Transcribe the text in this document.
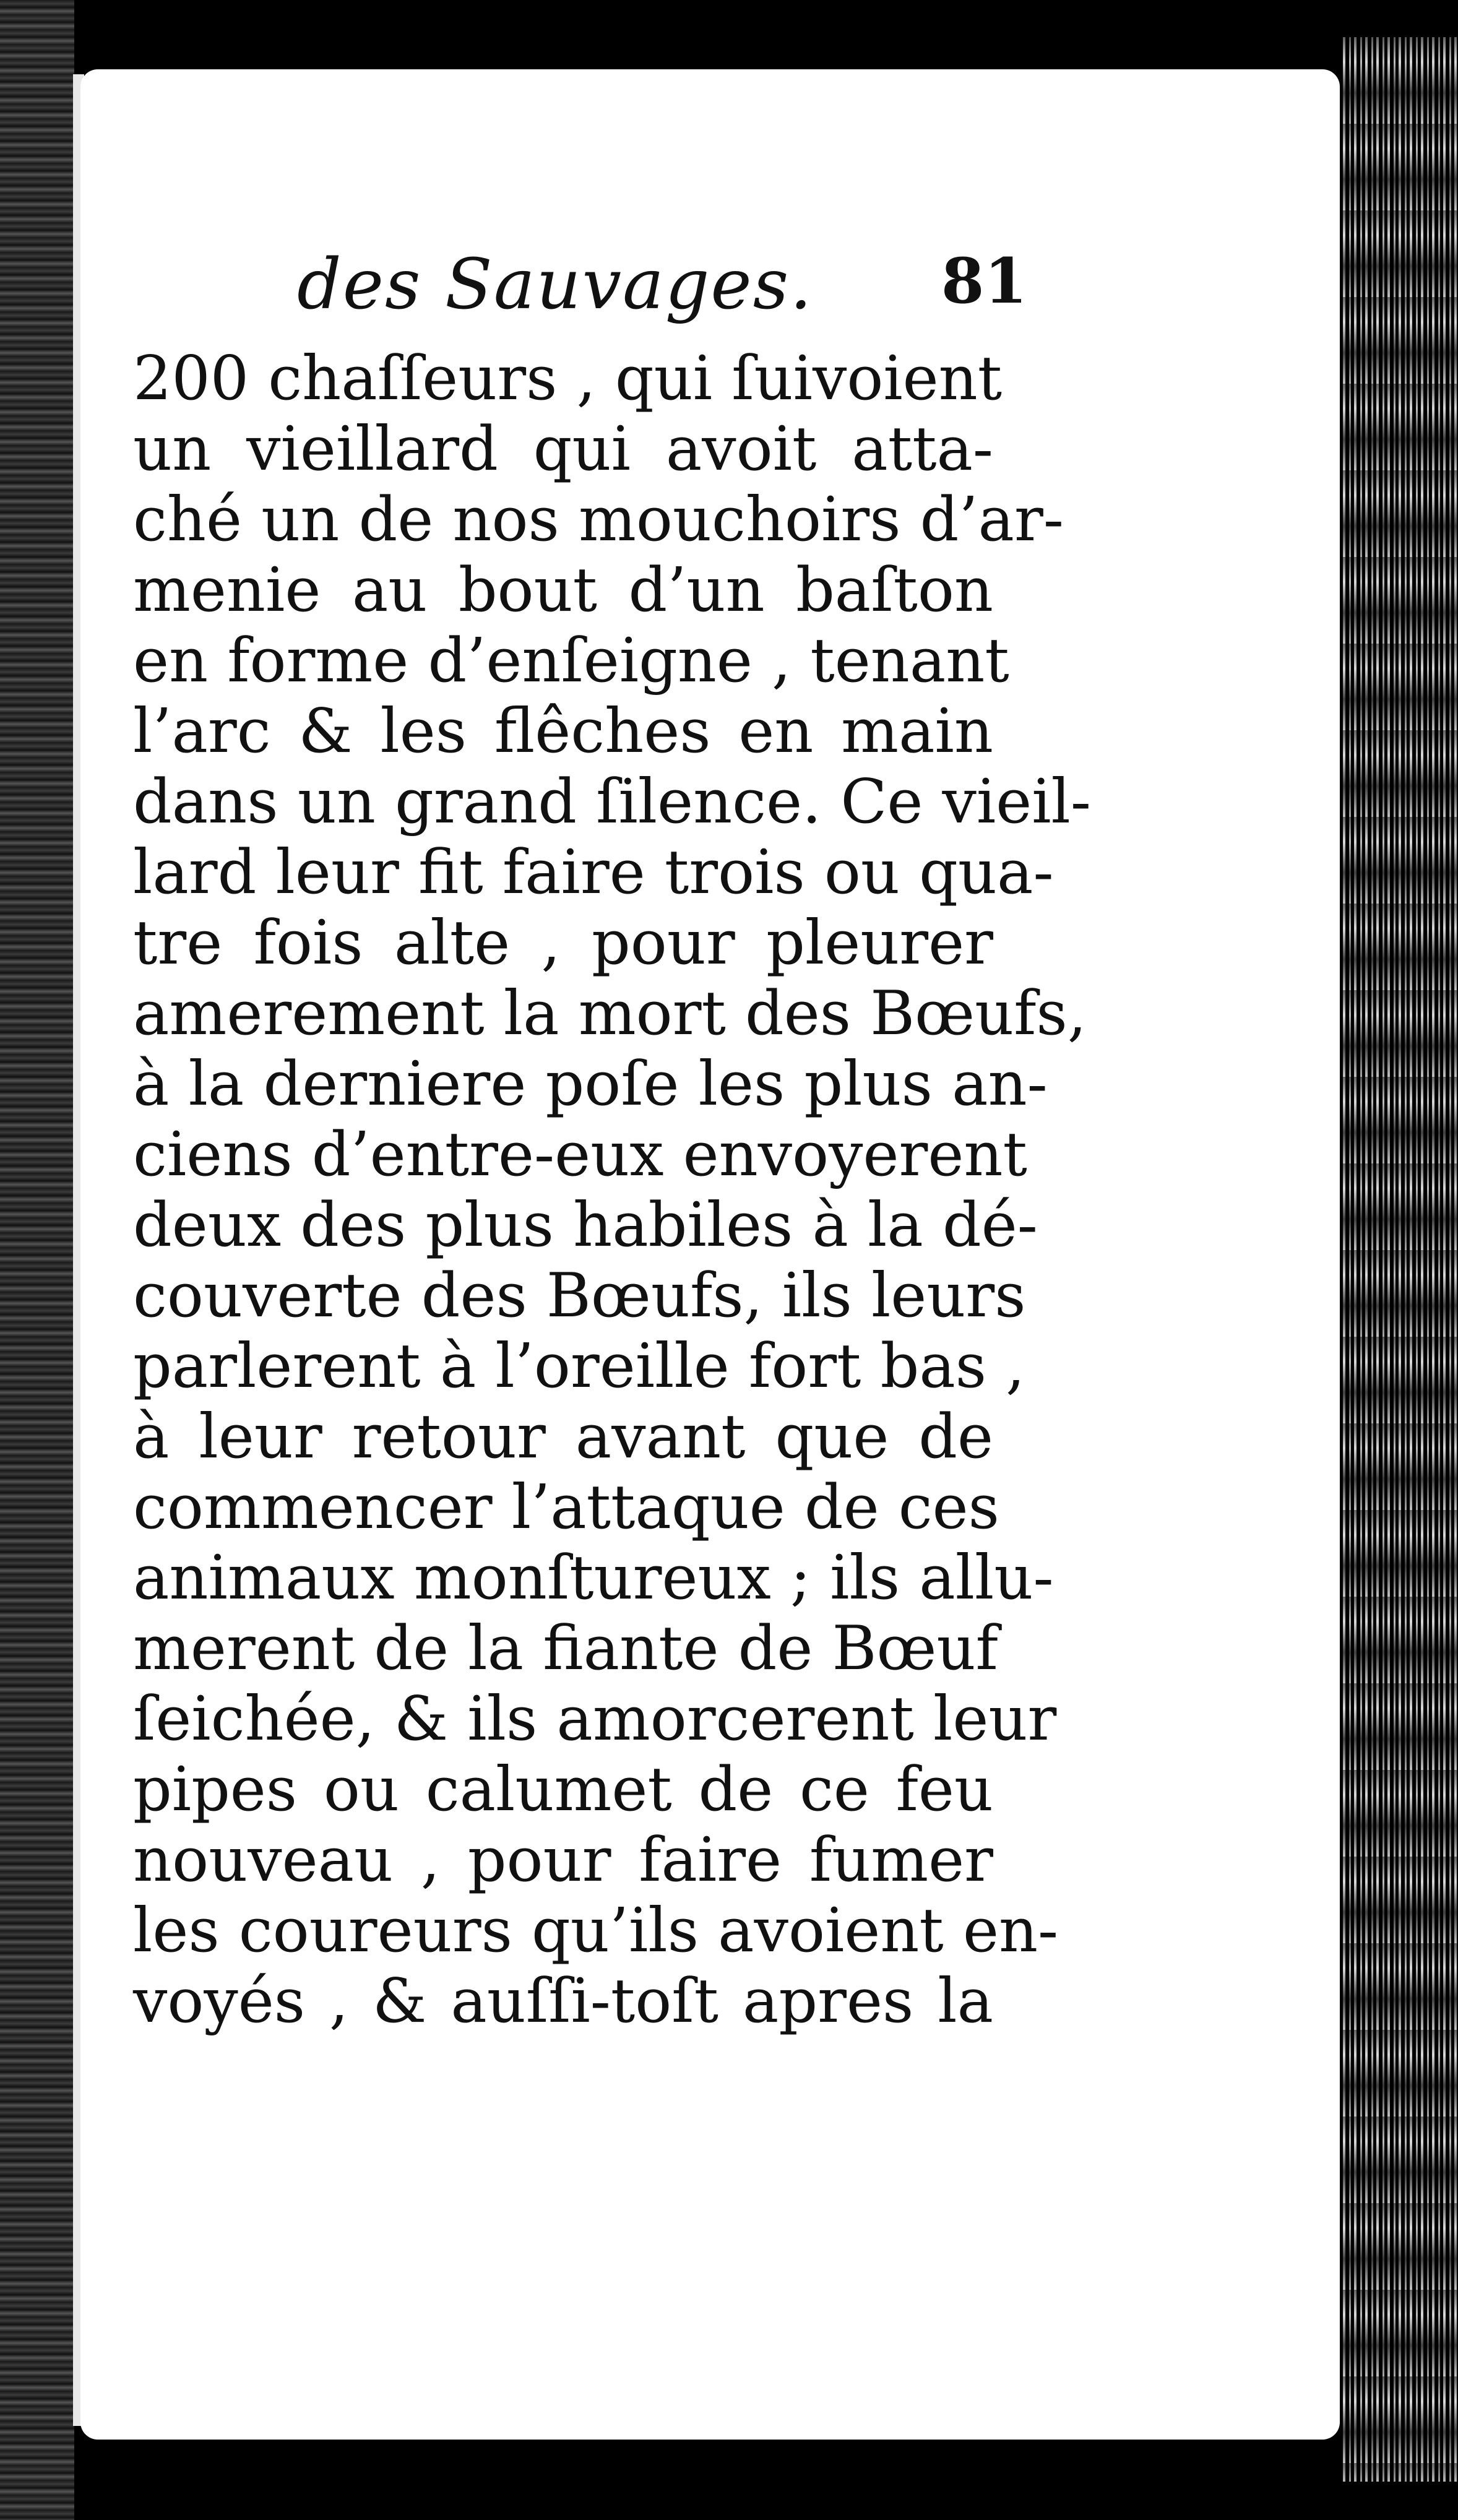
des Sauvages. 81
200 chaſſeurs , qui ſuivoient
un vieillard qui avoit atta-
ché un de nos mouchoirs d’ar-
menie au bout d’un baſton
en forme d’enſeigne , tenant
l’arc & les flêches en main
dans un grand ſilence. Ce vieil-
lard leur fit faire trois ou qua-
tre fois alte , pour pleurer
amerement la mort des Bœufs,
à la derniere poſe les plus an-
ciens d’entre-eux envoyerent
deux des plus habiles à la dé-
couverte des Bœufs, ils leurs
parlerent à l’oreille fort bas ,
à leur retour avant que de
commencer l’attaque de ces
animaux monſtureux ; ils allu-
merent de la fiante de Bœuf
ſeichée, & ils amorcerent leur
pipes ou calumet de ce feu
nouveau , pour faire fumer
les coureurs qu’ils avoient en-
voyés , & auſſi-toſt apres la
